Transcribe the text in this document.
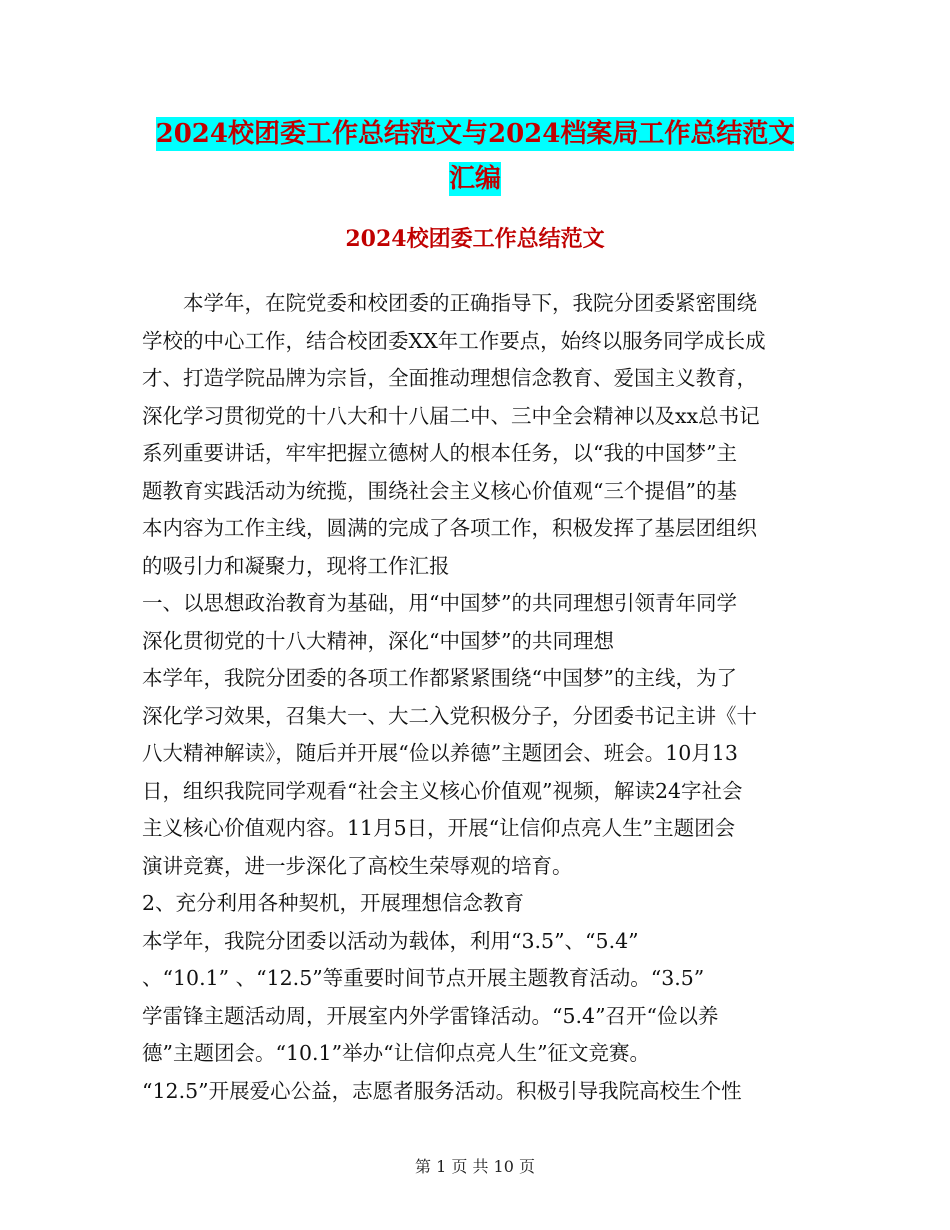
2024校团委工作总结范文与2024档案局工作总结范文
汇编
2024校团委工作总结范文
　　本学年，在院党委和校团委的正确指导下，我院分团委紧密围绕
学校的中心工作，结合校团委XX年工作要点，始终以服务同学成长成
才、打造学院品牌为宗旨，全面推动理想信念教育、爱国主义教育，
深化学习贯彻党的十八大和十八届二中、三中全会精神以及xx总书记
系列重要讲话，牢牢把握立德树人的根本任务，以“我的中国梦”主
题教育实践活动为统揽，围绕社会主义核心价值观“三个提倡”的基
本内容为工作主线，圆满的完成了各项工作，积极发挥了基层团组织
的吸引力和凝聚力，现将工作汇报
一、以思想政治教育为基础，用“中国梦”的共同理想引领青年同学
深化贯彻党的十八大精神，深化“中国梦”的共同理想
本学年，我院分团委的各项工作都紧紧围绕“中国梦”的主线，为了
深化学习效果，召集大一、大二入党积极分子，分团委书记主讲《十
八大精神解读》，随后并开展“俭以养德”主题团会、班会。10月13
日，组织我院同学观看“社会主义核心价值观”视频，解读24字社会
主义核心价值观内容。11月5日，开展“让信仰点亮人生”主题团会
演讲竞赛，进一步深化了高校生荣辱观的培育。
2、充分利用各种契机，开展理想信念教育
本学年，我院分团委以活动为载体，利用“3.5”、“5.4”
、“10.1” 、“12.5”等重要时间节点开展主题教育活动。“3.5”
学雷锋主题活动周，开展室内外学雷锋活动。“5.4”召开“俭以养
德”主题团会。“10.1”举办“让信仰点亮人生”征文竞赛。
“12.5”开展爱心公益，志愿者服务活动。积极引导我院高校生个性
第 1 页 共 10 页
